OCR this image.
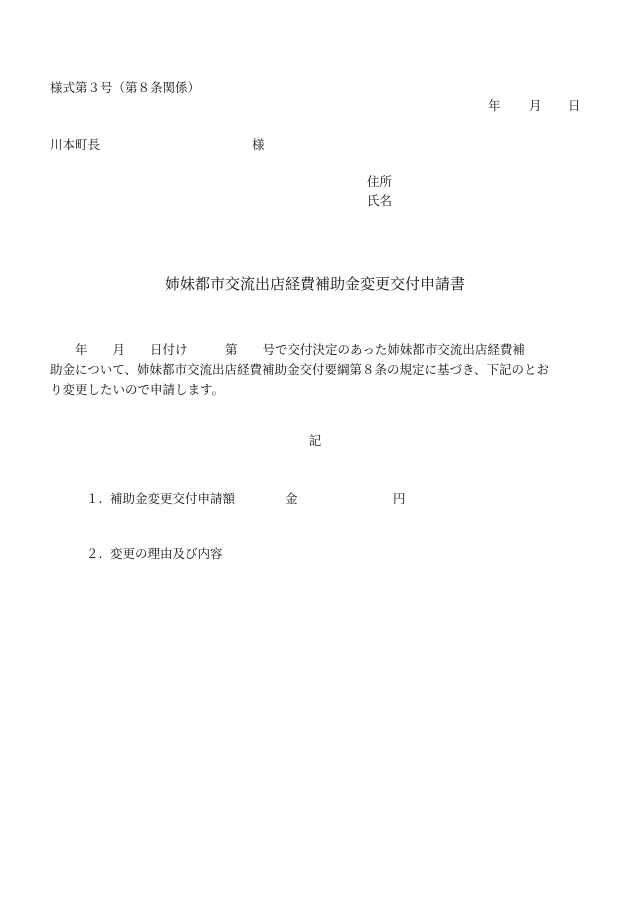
様式第３号（第８条関係）
年 月 日
川本町長	様
住所
氏名
姉妹都市交流出店経費補助金変更交付申請書
　　年　　月　　日付け　　　第　　号で交付決定のあった姉妹都市交流出店経費補
助金について、姉妹都市交流出店経費補助金交付要綱第８条の規定に基づき、下記のとお
り変更したいので申請します。
記
１. 補助金変更交付申請額	金	円
２. 変更の理由及び内容
